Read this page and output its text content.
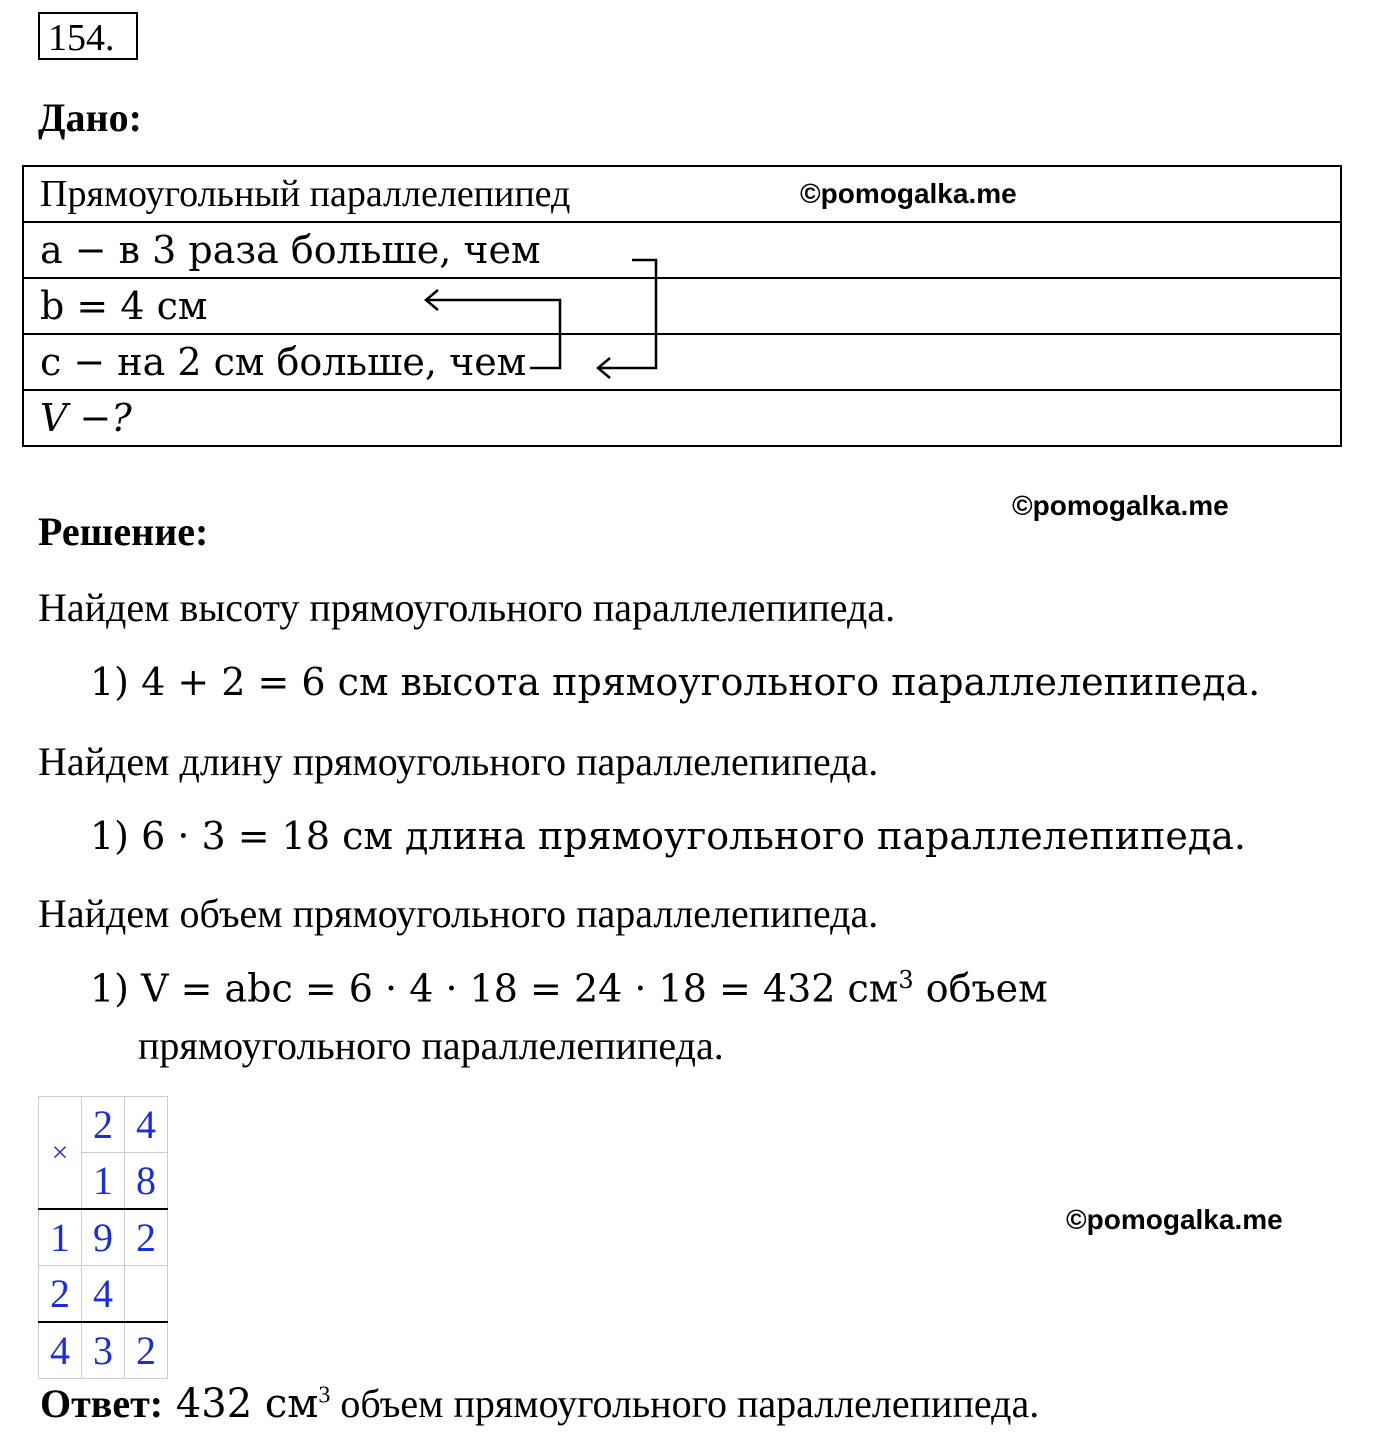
154.
Дано:
Прямоугольный параллелепипед
a − в 3 раза больше, чем
b = 4 см
c − на 2 см больше, чем
V −?
©pomogalka.me
©pomogalka.me
©pomogalka.me
Решение:
Найдем высоту прямоугольного параллелепипеда.
1) 4 + 2 = 6 см высота прямоугольного параллелепипеда.
Найдем длину прямоугольного параллелепипеда.
1) 6 · 3 = 18 см длина прямоугольного параллелепипеда.
Найдем объем прямоугольного параллелепипеда.
1) V = abc = 6 · 4 · 18 = 24 · 18 = 432 $см^3$ объем
прямоугольного параллелепипеда.
×	2	4
	1	8
1	9	2
2	4	
4	3	2
Ответ: 432 $см^3$ объем прямоугольного параллелепипеда.
